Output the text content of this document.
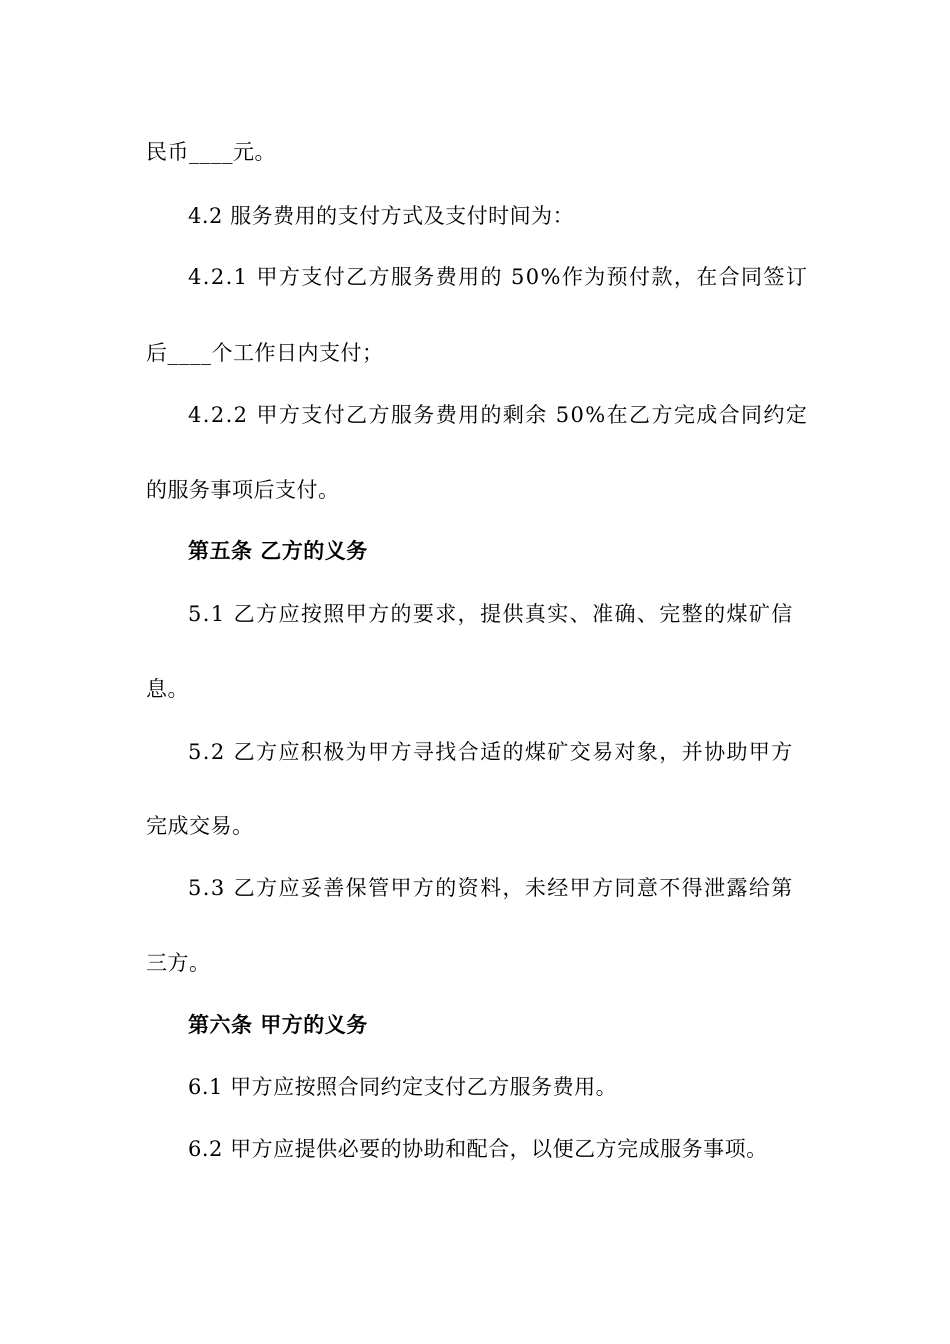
民币____元。
4.2 服务费用的支付方式及支付时间为：
4.2.1 甲方支付乙方服务费用的 50%作为预付款，在合同签订
后____个工作日内支付；
4.2.2 甲方支付乙方服务费用的剩余 50%在乙方完成合同约定
的服务事项后支付。
第五条 乙方的义务
5.1 乙方应按照甲方的要求，提供真实、准确、完整的煤矿信
息。
5.2 乙方应积极为甲方寻找合适的煤矿交易对象，并协助甲方
完成交易。
5.3 乙方应妥善保管甲方的资料，未经甲方同意不得泄露给第
三方。
第六条 甲方的义务
6.1 甲方应按照合同约定支付乙方服务费用。
6.2 甲方应提供必要的协助和配合，以便乙方完成服务事项。
